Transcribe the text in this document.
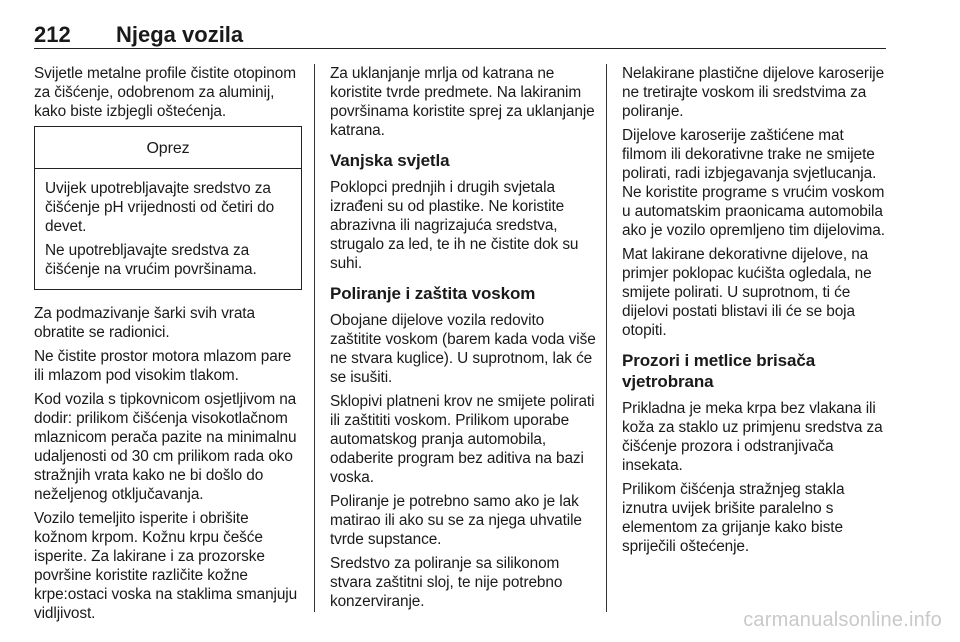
212 Njega vozila

Svijetle metalne profile čistite otopinom za čišćenje, odobrenom za aluminij, kako biste izbjegli oštećenja.

Oprez

Uvijek upotrebljavajte sredstvo za čišćenje pH vrijednosti od četiri do devet.

Ne upotrebljavajte sredstva za čišćenje na vrućim površinama.

Za podmazivanje šarki svih vrata obratite se radionici.

Ne čistite prostor motora mlazom pare ili mlazom pod visokim tlakom.

Kod vozila s tipkovnicom osjetljivom na dodir: prilikom čišćenja visokotlačnom mlaznicom perača pazite na minimalnu udaljenosti od 30 cm prilikom rada oko stražnjih vrata kako ne bi došlo do neželjenog otključavanja.

Vozilo temeljito isperite i obrišite kožnom krpom. Kožnu krpu češće isperite. Za lakirane i za prozorske površine koristite različite kožne krpe:ostaci voska na staklima smanjuju vidljivost.

Za uklanjanje mrlja od katrana ne koristite tvrde predmete. Na lakiranim površinama koristite sprej za uklanjanje katrana.

Vanjska svjetla

Poklopci prednjih i drugih svjetala izrađeni su od plastike. Ne koristite abrazivna ili nagrizajuća sredstva, strugalo za led, te ih ne čistite dok su suhi.

Poliranje i zaštita voskom

Obojane dijelove vozila redovito zaštitite voskom (barem kada voda više ne stvara kuglice). U suprotnom, lak će se isušiti.

Sklopivi platneni krov ne smijete polirati ili zaštititi voskom. Prilikom uporabe automatskog pranja automobila, odaberite program bez aditiva na bazi voska.

Poliranje je potrebno samo ako je lak matirao ili ako su se za njega uhvatile tvrde supstance.

Sredstvo za poliranje sa silikonom stvara zaštitni sloj, te nije potrebno konzerviranje.

Nelakirane plastične dijelove karoserije ne tretirajte voskom ili sredstvima za poliranje.

Dijelove karoserije zaštićene mat filmom ili dekorativne trake ne smijete polirati, radi izbjegavanja svjetlucanja. Ne koristite programe s vrućim voskom u automatskim praonicama automobila ako je vozilo opremljeno tim dijelovima.

Mat lakirane dekorativne dijelove, na primjer poklopac kućišta ogledala, ne smijete polirati. U suprotnom, ti će dijelovi postati blistavi ili će se boja otopiti.

Prozori i metlice brisača vjetrobrana

Prikladna je meka krpa bez vlakana ili koža za staklo uz primjenu sredstva za čišćenje prozora i odstranjivača insekata.

Prilikom čišćenja stražnjeg stakla iznutra uvijek brišite paralelno s elementom za grijanje kako biste spriječili oštećenje.

carmanualsonline.info
